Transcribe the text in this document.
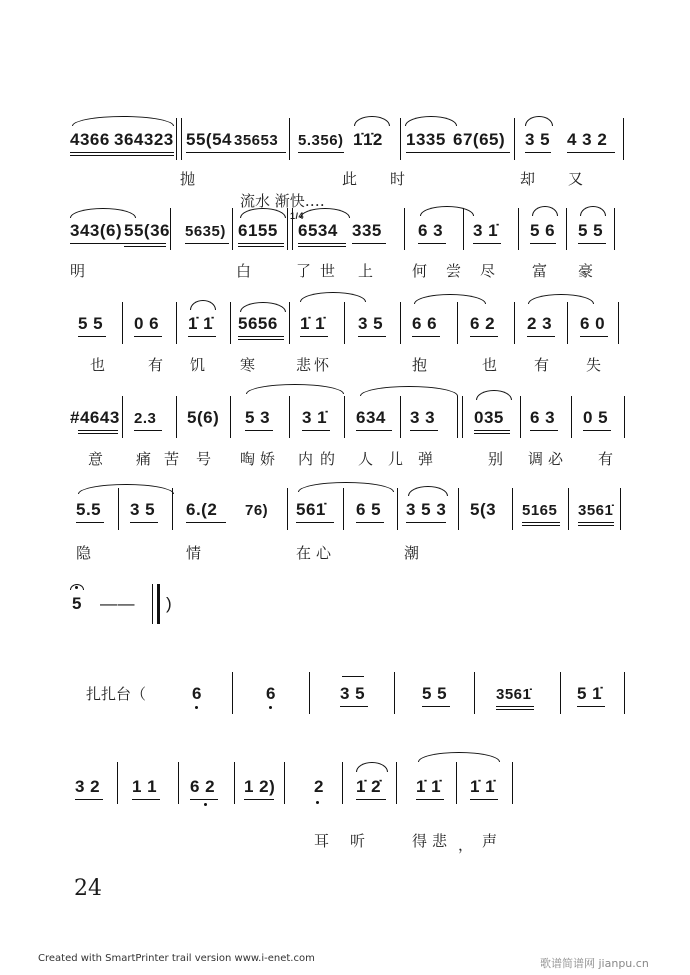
4366 364323 55(54 35653 5.356) 1̇1̇2 1335 67(65) 3 5 4 3 2
抛	此 时	却 又
流水 渐快‥‥
1/4
343(6) 55(36 5635) 6155 6534 335 6 3 3 1̇ 5 6 5 5
明	白	了 世 上	何 尝 尽 富 豪
5 5 0 6 1̇ 1̇ 5656 1̇ 1̇ 3 5 6 6 6 2 2 3 6 0
也	有 饥 寒	悲 怀	抱	也 有 失
#4643 2.3 5(6) 5 3 3 1̇ 634 3 3 035 6 3 0 5
意 痛 苦 号 啕 娇 内 的 人 儿 弹	别 调 必 有
5.5 3 5 6.(2 76) 561̇ 6 5 3 5 3 5(3 5165 3561̇
隐	情	在 心	潮
5 —— )
扎扎台（	6	6	3 5	5 5	3561̇	5 1̇
3 2 1 1 6 2 1 2) 2 1̇ 2̇ 1̇ 1̇ 1̇ 1̇
耳 听	得 悲 ， 声
24
Created with SmartPrinter trail version www.i-enet.com	歌谱简谱网 jianpu.cn
